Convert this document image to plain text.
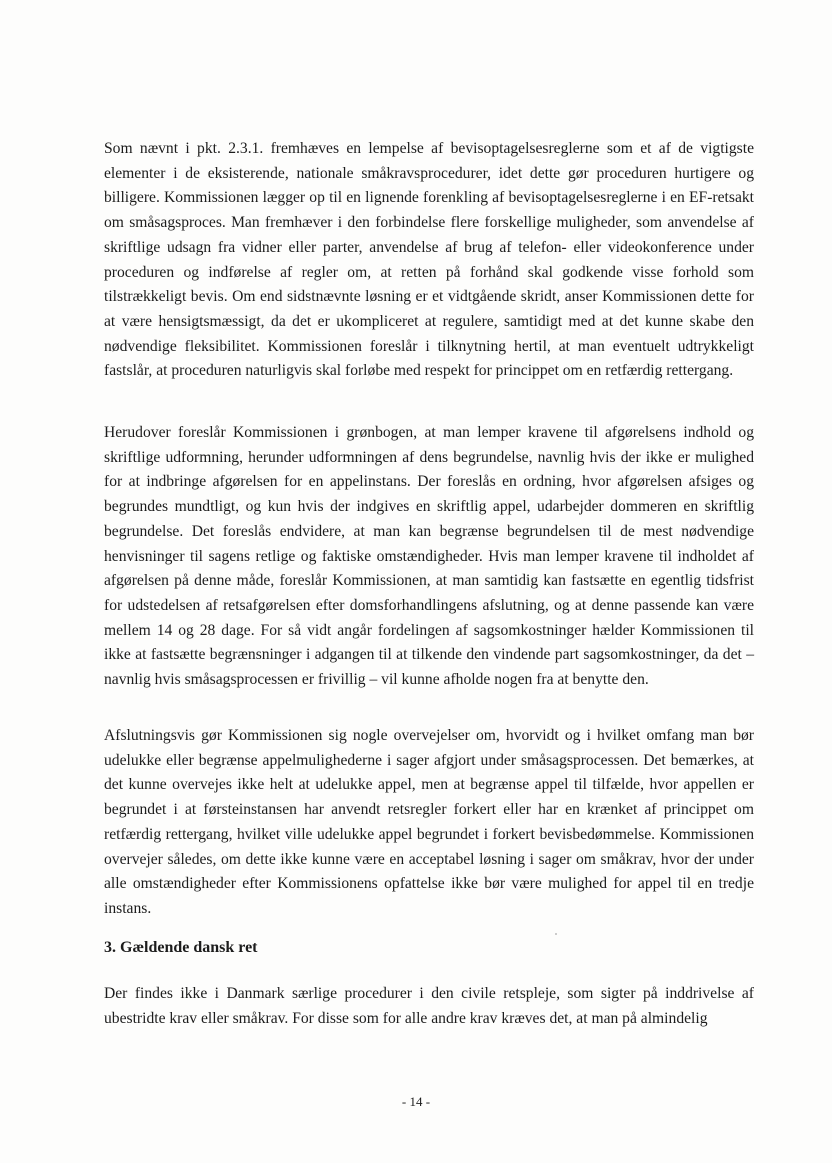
Som nævnt i pkt. 2.3.1. fremhæves en lempelse af bevisoptagelsesreglerne som et af de vigtigste elementer i de eksisterende, nationale småkravsprocedurer, idet dette gør proceduren hurtigere og billigere. Kommissionen lægger op til en lignende forenkling af bevisoptagelsesreglerne i en EF-retsakt om småsagsproces. Man fremhæver i den forbindelse flere forskellige muligheder, som anvendelse af skriftlige udsagn fra vidner eller parter, anvendelse af brug af telefon- eller videokonference under proceduren og indførelse af regler om, at retten på forhånd skal godkende visse forhold som tilstrækkeligt bevis. Om end sidstnævnte løsning er et vidtgående skridt, anser Kommissionen dette for at være hensigtsmæssigt, da det er ukompliceret at regulere, samtidigt med at det kunne skabe den nødvendige fleksibilitet. Kommissionen foreslår i tilknytning hertil, at man eventuelt udtrykkeligt fastslår, at proceduren naturligvis skal forløbe med respekt for princippet om en retfærdig rettergang.

Herudover foreslår Kommissionen i grønbogen, at man lemper kravene til afgørelsens indhold og skriftlige udformning, herunder udformningen af dens begrundelse, navnlig hvis der ikke er mulighed for at indbringe afgørelsen for en appelinstans. Der foreslås en ordning, hvor afgørelsen afsiges og begrundes mundtligt, og kun hvis der indgives en skriftlig appel, udarbejder dommeren en skriftlig begrundelse. Det foreslås endvidere, at man kan begrænse begrundelsen til de mest nødvendige henvisninger til sagens retlige og faktiske omstændigheder. Hvis man lemper kravene til indholdet af afgørelsen på denne måde, foreslår Kommissionen, at man samtidig kan fastsætte en egentlig tidsfrist for udstedelsen af retsafgørelsen efter domsforhandlingens afslutning, og at denne passende kan være mellem 14 og 28 dage. For så vidt angår fordelingen af sagsomkostninger hælder Kommissionen til ikke at fastsætte begrænsninger i adgangen til at tilkende den vindende part sagsomkostninger, da det – navnlig hvis småsagsprocessen er frivillig – vil kunne afholde nogen fra at benytte den.

Afslutningsvis gør Kommissionen sig nogle overvejelser om, hvorvidt og i hvilket omfang man bør udelukke eller begrænse appelmulighederne i sager afgjort under småsagsprocessen. Det bemærkes, at det kunne overvejes ikke helt at udelukke appel, men at begrænse appel til tilfælde, hvor appellen er begrundet i at førsteinstansen har anvendt retsregler forkert eller har en krænket af princippet om retfærdig rettergang, hvilket ville udelukke appel begrundet i forkert bevisbedømmelse. Kommissionen overvejer således, om dette ikke kunne være en acceptabel løsning i sager om småkrav, hvor der under alle omstændigheder efter Kommissionens opfattelse ikke bør være mulighed for appel til en tredje instans.

3. Gældende dansk ret

Der findes ikke i Danmark særlige procedurer i den civile retspleje, som sigter på inddrivelse af ubestridte krav eller småkrav. For disse som for alle andre krav kræves det, at man på almindelig

- 14 -
